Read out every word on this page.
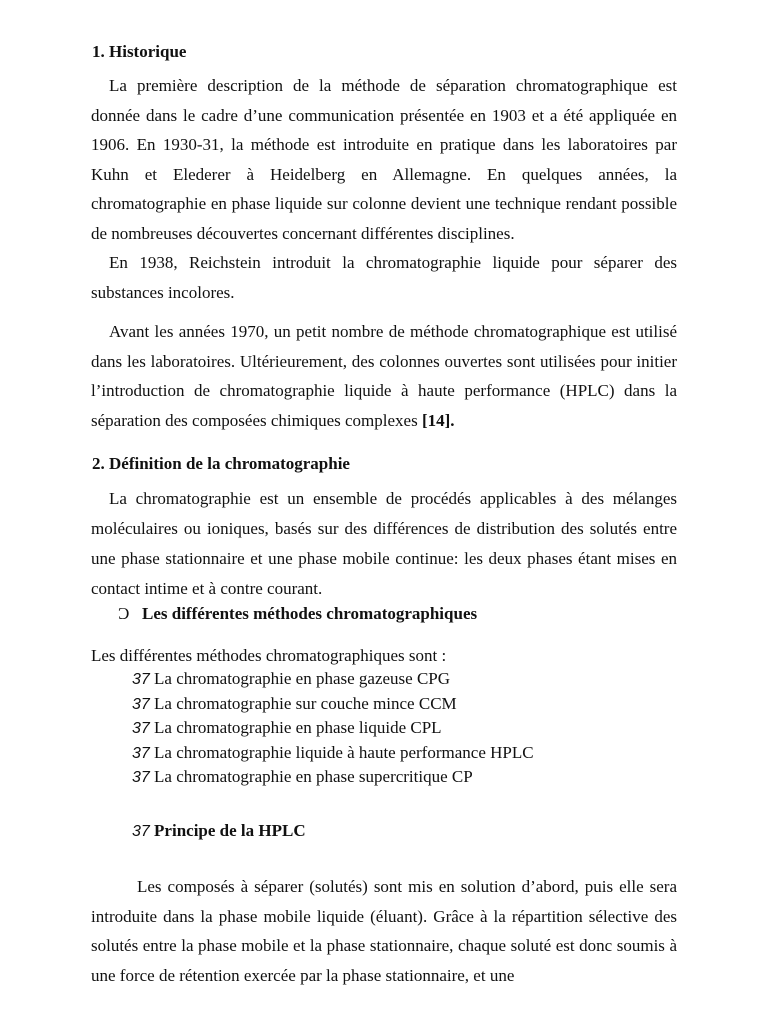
1. Historique

La première description de la méthode de séparation chromatographique est donnée dans le cadre d’une communication présentée en 1903 et a été appliquée en 1906. En 1930-31, la méthode est introduite en pratique dans les laboratoires par Kuhn et Elederer à Heidelberg en Allemagne. En quelques années, la chromatographie en phase liquide sur colonne devient une technique rendant possible de nombreuses découvertes concernant différentes disciplines.

En 1938, Reichstein introduit la chromatographie liquide pour séparer des substances incolores.

Avant les années 1970, un petit nombre de méthode chromatographique est utilisé dans les laboratoires. Ultérieurement, des colonnes ouvertes sont utilisées pour initier l’introduction de chromatographie liquide à haute performance (HPLC) dans la séparation des composées chimiques complexes [14].

2. Définition de la chromatographie

La chromatographie est un ensemble de procédés applicables à des mélanges moléculaires ou ioniques, basés sur des différences de distribution des solutés entre une phase stationnaire et une phase mobile continue: les deux phases étant mises en contact intime et à contre courant.

Ɔ Les différentes méthodes chromatographiques

Les différentes méthodes chromatographiques sont :

37 La chromatographie en phase gazeuse CPG
37 La chromatographie sur couche mince CCM
37 La chromatographie en phase liquide CPL
37 La chromatographie liquide à haute performance HPLC
37 La chromatographie en phase supercritique CP

37 Principe de la HPLC

Les composés à séparer (solutés) sont mis en solution d’abord, puis elle sera introduite dans la phase mobile liquide (éluant). Grâce à la répartition sélective des solutés entre la phase mobile et la phase stationnaire, chaque soluté est donc soumis à une force de rétention exercée par la phase stationnaire, et une
